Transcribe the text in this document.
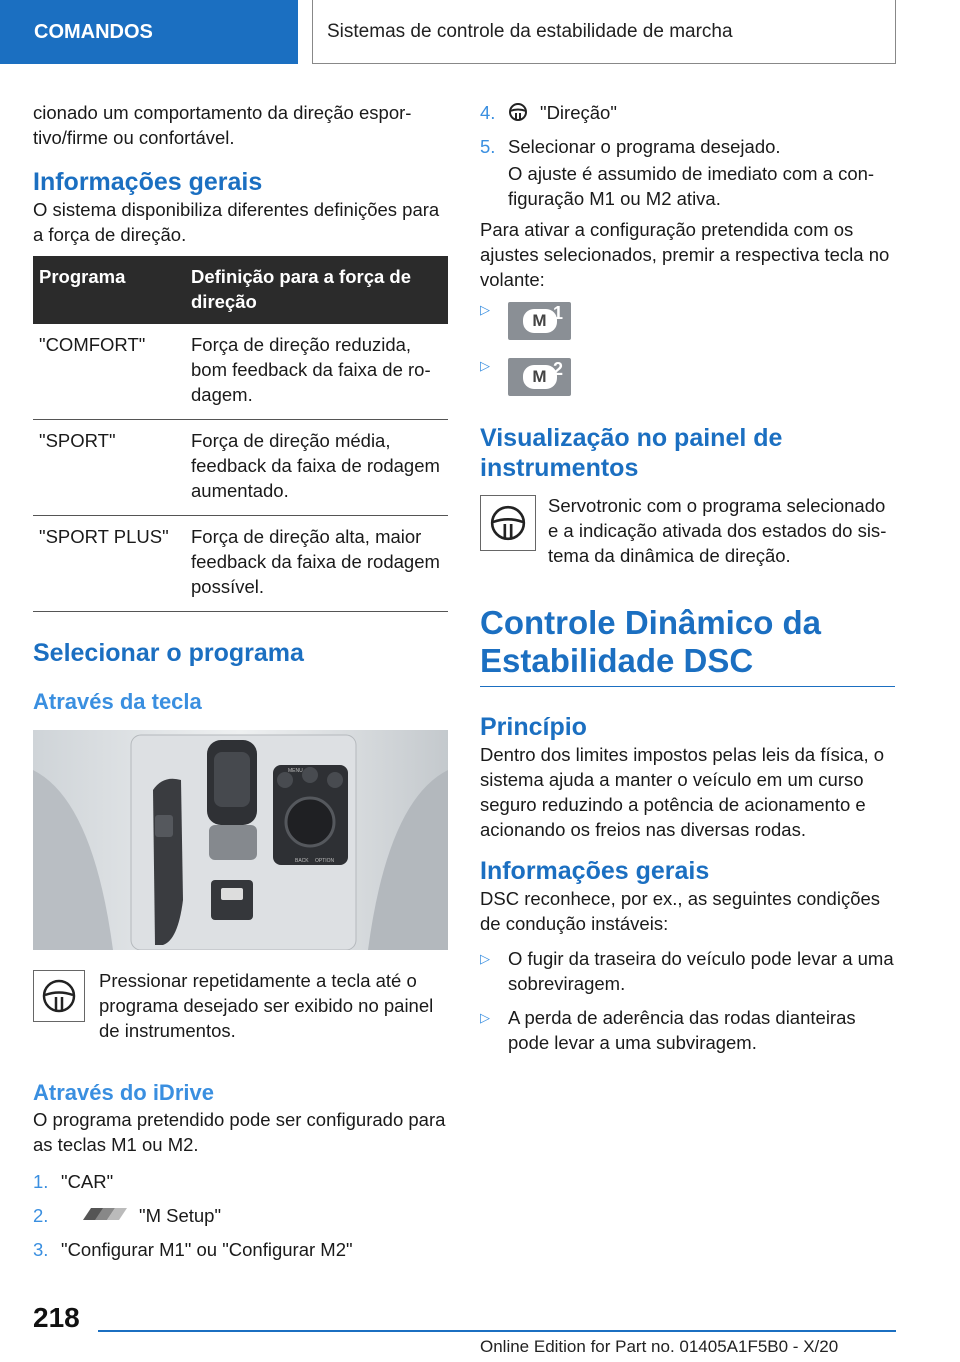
COMANDOS	Sistemas de controle da estabilidade de marcha

cionado um comportamento da direção esportivo/firme ou confortável.

Informações gerais

O sistema disponibiliza diferentes definições para a força de direção.

Programa	Definição para a força de direção
"COMFORT"	Força de direção reduzida, bom feedback da faixa de rodagem.
"SPORT"	Força de direção média, feedback da faixa de rodagem aumentado.
"SPORT PLUS"	Força de direção alta, maior feedback da faixa de rodagem possível.
Selecionar o programa
Através da tecla
BACK OPTION
MENU

Pressionar repetidamente a tecla até o programa desejado ser exibido no painel de instrumentos.

Através do iDrive

O programa pretendido pode ser configurado para as teclas M1 ou M2.

1. "CAR"
2.	"M Setup"
3. "Configurar M1" ou "Configurar M2"
4.	"Direção"
5. Selecionar o programa desejado.

O ajuste é assumido de imediato com a configuração M1 ou M2 ativa.

Para ativar a configuração pretendida com os ajustes selecionados, premir a respectiva tecla no volante:

▷
M 1
▷
M 2
Visualização no painel de instrumentos

Servotronic com o programa selecionado e a indicação ativada dos estados do sistema da dinâmica de direção.

Controle Dinâmico da Estabilidade DSC
Princípio

Dentro dos limites impostos pelas leis da física, o sistema ajuda a manter o veículo em um curso seguro reduzindo a potência de acionamento e acionando os freios nas diversas rodas.

Informações gerais

DSC reconhece, por ex., as seguintes condições de condução instáveis:

▷ O fugir da traseira do veículo pode levar a uma sobreviragem.
▷ A perda de aderência das rodas dianteiras pode levar a uma subviragem.
218
Online Edition for Part no. 01405A1F5B0 - X/20
